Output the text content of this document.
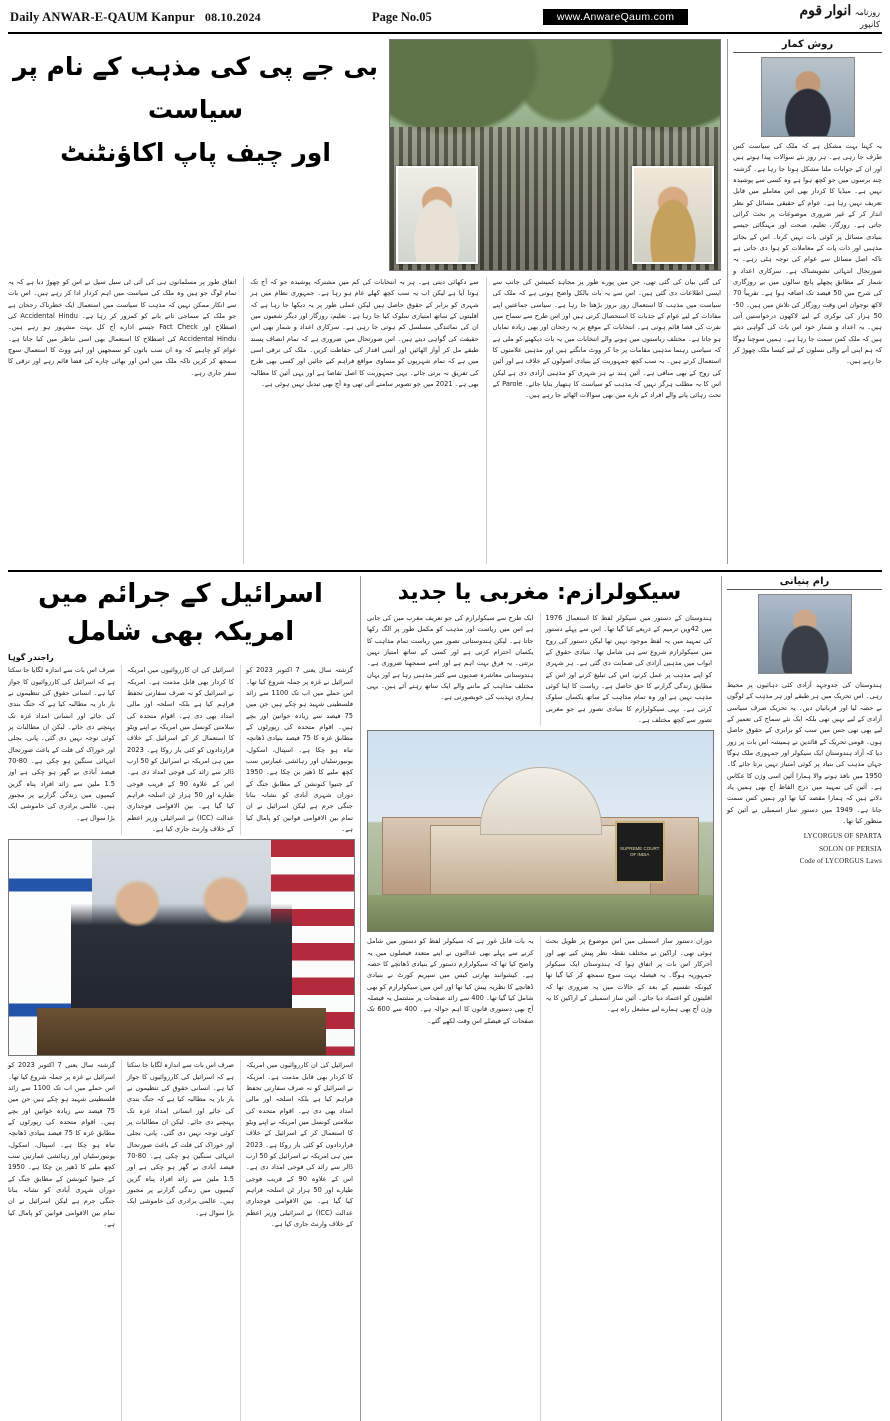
Daily ANWAR-E-QAUM Kanpur 08.10.2024	Page No.05	www.AnwareQaum.com	روزنامہ انوار قوم
کانپور
روش کمار
یہ کہنا بہت مشکل ہے کہ ملک کی سیاست کس طرف جا رہی ہے۔ ہر روز نئے سوالات پیدا ہوتے ہیں اور ان کے جوابات ملنا مشکل ہوتا جا رہا ہے۔ گزشتہ چند برسوں میں جو کچھ ہوا ہے وہ کسی سے پوشیدہ نہیں ہے۔ میڈیا کا کردار بھی اس معاملے میں قابل تعریف نہیں رہا ہے۔ عوام کے حقیقی مسائل کو نظر انداز کر کے غیر ضروری موضوعات پر بحث کرائی جاتی ہے۔ روزگار، تعلیم، صحت اور مہنگائی جیسے بنیادی مسائل پر کوئی بات نہیں کرتا۔ اس کے بجائے مذہبی اور ذات پات کے معاملات کو ہوا دی جاتی ہے تاکہ اصل مسائل سے عوام کی توجہ ہٹی رہے۔ یہ صورتحال انتہائی تشویشناک ہے۔ سرکاری اعداد و شمار کے مطابق پچھلے پانچ سالوں میں بے روزگاری کی شرح میں 50 فیصد تک اضافہ ہوا ہے۔ تقریباً 70 لاکھ نوجوان اس وقت روزگار کی تلاش میں ہیں۔ 50-50 ہزار کی نوکری کے لیے لاکھوں درخواستیں آتی ہیں۔ یہ اعداد و شمار خود اس بات کی گواہی دیتے ہیں کہ ملک کس سمت جا رہا ہے۔ ہمیں سوچنا ہوگا کہ ہم اپنی آنے والی نسلوں کے لیے کیسا ملک چھوڑ کر جا رہے ہیں۔
بی جے پی کی مذہب کے نام پر سیاست
اور چیف پاپ اکاؤنٹنٹ
کی گئی بیان کی گئی تھی، جن میں پورے طور پر مجاہد کمیشن کی جانب سے ایسی اطلاعات دی گئی ہیں۔ اس سے یہ بات بالکل واضح ہوتی ہے کہ ملک کی سیاست میں مذہب کا استعمال روز بروز بڑھتا جا رہا ہے۔ سیاسی جماعتیں اپنے مفادات کے لیے عوام کے جذبات کا استحصال کرتی ہیں اور اس طرح سے سماج میں نفرت کی فضا قائم ہوتی ہے۔ انتخابات کے موقع پر یہ رجحان اور بھی زیادہ نمایاں ہو جاتا ہے۔ مختلف ریاستوں میں ہونے والے انتخابات میں یہ بات دیکھنے کو ملی ہے کہ سیاسی رہنما مذہبی مقامات پر جا کر ووٹ مانگتے ہیں اور مذہبی علامتوں کا استعمال کرتے ہیں۔ یہ سب کچھ جمہوریت کے بنیادی اصولوں کے خلاف ہے اور آئین کی روح کے بھی منافی ہے۔ آئین ہند نے ہر شہری کو مذہبی آزادی دی ہے لیکن اس کا یہ مطلب ہرگز نہیں کہ مذہب کو سیاست کا ہتھیار بنایا جائے۔ Parole کے تحت رہائی پانے والے افراد کے بارے میں بھی سوالات اٹھائے جا رہے ہیں۔
سے دکھائی دیتی ہے۔ ہر یہ انتخابات کی کم میں مشترکہ پوشیدہ جو کہ آج تک ہوتا آیا ہے لیکن اب یہ سب کچھ کھلے عام ہو رہا ہے۔ جمہوری نظام میں ہر شہری کو برابر کے حقوق حاصل ہیں لیکن عملی طور پر یہ دیکھا جا رہا ہے کہ اقلیتوں کے ساتھ امتیازی سلوک کیا جا رہا ہے۔ تعلیم، روزگار اور دیگر شعبوں میں ان کی نمائندگی مسلسل کم ہوتی جا رہی ہے۔ سرکاری اعداد و شمار بھی اس حقیقت کی گواہی دیتے ہیں۔ اس صورتحال میں ضروری ہے کہ تمام انصاف پسند طبقے مل کر آواز اٹھائیں اور آئینی اقدار کی حفاظت کریں۔ ملک کی ترقی اسی میں ہے کہ تمام شہریوں کو مساوی مواقع فراہم کیے جائیں اور کسی بھی طرح کی تفریق نہ برتی جائے۔ یہی جمہوریت کا اصل تقاضا ہے اور یہی آئین کا مطالبہ بھی ہے۔ 2021 میں جو تصویر سامنے آئی تھی وہ آج بھی تبدیل نہیں ہوئی ہے۔
اتفاق طور پر مسلمانوں ہی کی آئی ٹی سیل سیل نے اس کو چھوڑ دیا ہے کہ یہ تمام لوگ جو ہیں وہ ملک کی سیاست میں اہم کردار ادا کر رہے ہیں۔ اس بات سے انکار ممکن نہیں کہ مذہب کا سیاست میں استعمال ایک خطرناک رجحان ہے جو ملک کے سماجی تانے بانے کو کمزور کر رہا ہے۔ Accidental Hindu کی اصطلاح اور Fact Check جیسے ادارے آج کل بہت مشہور ہو رہے ہیں۔ Accidental Hindu کی اصطلاح کا استعمال بھی اسی تناظر میں کیا جاتا ہے۔ عوام کو چاہیے کہ وہ ان سب باتوں کو سمجھیں اور اپنے ووٹ کا استعمال سوچ سمجھ کر کریں تاکہ ملک میں امن اور بھائی چارے کی فضا قائم رہے اور ترقی کا سفر جاری رہے۔
رام پنیانی
ہندوستان کی جدوجہد آزادی کئی دہائیوں پر محیط رہی۔ اس تحریک میں ہر طبقے اور ہر مذہب کے لوگوں نے حصہ لیا اور قربانیاں دیں۔ یہ تحریک صرف سیاسی آزادی کے لیے نہیں تھی بلکہ ایک نئے سماج کی تعمیر کے لیے بھی تھی جس میں سب کو برابری کے حقوق حاصل ہوں۔ قومی تحریک کے قائدین نے ہمیشہ اس بات پر زور دیا کہ آزاد ہندوستان ایک سیکولر اور جمہوری ملک ہوگا جہاں مذہب کی بنیاد پر کوئی امتیاز نہیں برتا جائے گا۔ 1950 میں نافذ ہونے والا ہمارا آئین اسی وژن کا عکاس ہے۔ آئین کی تمہید میں درج الفاظ آج بھی ہمیں یاد دلاتے ہیں کہ ہمارا مقصد کیا تھا اور ہمیں کس سمت جانا ہے۔ 1949 میں دستور ساز اسمبلی نے آئین کو منظور کیا تھا۔
LYCORGUS OF SPARTA
SOLON OF PERSIA
Code of LYCORGUS Laws
سیکولرازم: مغربی یا جدید
ہندوستان کے دستور میں سیکولر لفظ کا استعمال 1976 میں 42ویں ترمیم کے ذریعے کیا گیا تھا۔ اس سے پہلے دستور کی تمہید میں یہ لفظ موجود نہیں تھا لیکن دستور کی روح میں سیکولرازم شروع سے ہی شامل تھا۔ بنیادی حقوق کے ابواب میں مذہبی آزادی کی ضمانت دی گئی ہے۔ ہر شہری کو اپنے مذہب پر عمل کرنے، اس کی تبلیغ کرنے اور اس کے مطابق زندگی گزارنے کا حق حاصل ہے۔ ریاست کا اپنا کوئی مذہب نہیں ہے اور وہ تمام مذاہب کے ساتھ یکساں سلوک کرتی ہے۔ یہی سیکولرازم کا بنیادی تصور ہے جو مغربی تصور سے کچھ مختلف ہے۔
ایک طرح سے سیکولرازم کی جو تعریف مغرب میں کی جاتی ہے اس میں ریاست اور مذہب کو مکمل طور پر الگ رکھا جاتا ہے۔ لیکن ہندوستانی تصور میں ریاست تمام مذاہب کا یکساں احترام کرتی ہے اور کسی کے ساتھ امتیاز نہیں برتتی۔ یہ فرق بہت اہم ہے اور اسے سمجھنا ضروری ہے۔ ہندوستانی معاشرہ صدیوں سے کثیر مذہبی رہا ہے اور یہاں مختلف مذاہب کے ماننے والے ایک ساتھ رہتے آئے ہیں۔ یہی ہماری تہذیب کی خوبصورتی ہے۔
SUPREME COURT OF INDIA
دوران دستور ساز اسمبلی میں اس موضوع پر طویل بحث ہوئی تھی۔ اراکین نے مختلف نقطہ نظر پیش کیے تھے اور آخرکار اس بات پر اتفاق ہوا کہ ہندوستان ایک سیکولر جمہوریہ ہوگا۔ یہ فیصلہ بہت سوچ سمجھ کر کیا گیا تھا کیونکہ تقسیم کے بعد کے حالات میں یہ ضروری تھا کہ اقلیتوں کو اعتماد دیا جائے۔ آئین ساز اسمبلی کے اراکین کا یہ وژن آج بھی ہمارے لیے مشعل راہ ہے۔
یہ بات قابل غور ہے کہ سیکولر لفظ کو دستور میں شامل کرنے سے پہلے بھی عدالتوں نے اپنے متعدد فیصلوں میں یہ واضح کیا تھا کہ سیکولرازم دستور کے بنیادی ڈھانچے کا حصہ ہے۔ کیشوانند بھارتی کیس میں سپریم کورٹ نے بنیادی ڈھانچے کا نظریہ پیش کیا تھا اور اس میں سیکولرازم کو بھی شامل کیا گیا تھا۔ 400 سے زائد صفحات پر مشتمل یہ فیصلہ آج بھی دستوری قانون کا اہم حوالہ ہے۔ 400 سے 600 تک صفحات کے فیصلے اس وقت لکھے گئے۔
اسرائیل کے جرائم میں امریکہ بھی شامل
راجندر گوہا
گزشتہ سال یعنی 7 اکتوبر 2023 کو اسرائیل نے غزہ پر حملہ شروع کیا تھا۔ اس حملے میں اب تک 1100 سے زائد فلسطینی شہید ہو چکے ہیں جن میں 75 فیصد سے زیادہ خواتین اور بچے ہیں۔ اقوام متحدہ کی رپورٹوں کے مطابق غزہ کا 75 فیصد بنیادی ڈھانچہ تباہ ہو چکا ہے۔ اسپتال، اسکول، یونیورسٹیاں اور رہائشی عمارتیں سب کچھ ملبے کا ڈھیر بن چکا ہے۔ 1950 کے جنیوا کنونشن کے مطابق جنگ کے دوران شہری آبادی کو نشانہ بنانا جنگی جرم ہے لیکن اسرائیل نے ان تمام بین الاقوامی قوانین کو پامال کیا ہے۔
اسرائیل کی ان کارروائیوں میں امریکہ کا کردار بھی قابل مذمت ہے۔ امریکہ نے اسرائیل کو نہ صرف سفارتی تحفظ فراہم کیا ہے بلکہ اسلحہ اور مالی امداد بھی دی ہے۔ اقوام متحدہ کی سلامتی کونسل میں امریکہ نے اپنے ویٹو کا استعمال کر کے اسرائیل کے خلاف قراردادوں کو کئی بار روکا ہے۔ 2023 میں ہی امریکہ نے اسرائیل کو 50 ارب ڈالر سے زائد کی فوجی امداد دی ہے۔ اس کے علاوہ 90 کے قریب فوجی طیارے اور 50 ہزار ٹن اسلحہ فراہم کیا گیا ہے۔ بین الاقوامی فوجداری عدالت (ICC) نے اسرائیلی وزیر اعظم کے خلاف وارنٹ جاری کیا ہے۔
صرف اس بات سے اندازہ لگایا جا سکتا ہے کہ اسرائیل کی کارروائیوں کا جواز کیا ہے۔ انسانی حقوق کی تنظیموں نے بار بار یہ مطالبہ کیا ہے کہ جنگ بندی کی جائے اور انسانی امداد غزہ تک پہنچنے دی جائے۔ لیکن ان مطالبات پر کوئی توجہ نہیں دی گئی۔ پانی، بجلی اور خوراک کی قلت کے باعث صورتحال انتہائی سنگین ہو چکی ہے۔ 80-70 فیصد آبادی بے گھر ہو چکی ہے اور 1.5 ملین سے زائد افراد پناہ گزین کیمپوں میں زندگی گزارنے پر مجبور ہیں۔ عالمی برادری کی خاموشی ایک بڑا سوال ہے۔
اسرائیل کی ان کارروائیوں میں امریکہ کا کردار بھی قابل مذمت ہے۔ امریکہ نے اسرائیل کو نہ صرف سفارتی تحفظ فراہم کیا ہے بلکہ اسلحہ اور مالی امداد بھی دی ہے۔ اقوام متحدہ کی سلامتی کونسل میں امریکہ نے اپنے ویٹو کا استعمال کر کے اسرائیل کے خلاف قراردادوں کو کئی بار روکا ہے۔ 2023 میں ہی امریکہ نے اسرائیل کو 50 ارب ڈالر سے زائد کی فوجی امداد دی ہے۔ اس کے علاوہ 90 کے قریب فوجی طیارے اور 50 ہزار ٹن اسلحہ فراہم کیا گیا ہے۔ بین الاقوامی فوجداری عدالت (ICC) نے اسرائیلی وزیر اعظم کے خلاف وارنٹ جاری کیا ہے۔
صرف اس بات سے اندازہ لگایا جا سکتا ہے کہ اسرائیل کی کارروائیوں کا جواز کیا ہے۔ انسانی حقوق کی تنظیموں نے بار بار یہ مطالبہ کیا ہے کہ جنگ بندی کی جائے اور انسانی امداد غزہ تک پہنچنے دی جائے۔ لیکن ان مطالبات پر کوئی توجہ نہیں دی گئی۔ پانی، بجلی اور خوراک کی قلت کے باعث صورتحال انتہائی سنگین ہو چکی ہے۔ 80-70 فیصد آبادی بے گھر ہو چکی ہے اور 1.5 ملین سے زائد افراد پناہ گزین کیمپوں میں زندگی گزارنے پر مجبور ہیں۔ عالمی برادری کی خاموشی ایک بڑا سوال ہے۔
گزشتہ سال یعنی 7 اکتوبر 2023 کو اسرائیل نے غزہ پر حملہ شروع کیا تھا۔ اس حملے میں اب تک 1100 سے زائد فلسطینی شہید ہو چکے ہیں جن میں 75 فیصد سے زیادہ خواتین اور بچے ہیں۔ اقوام متحدہ کی رپورٹوں کے مطابق غزہ کا 75 فیصد بنیادی ڈھانچہ تباہ ہو چکا ہے۔ اسپتال، اسکول، یونیورسٹیاں اور رہائشی عمارتیں سب کچھ ملبے کا ڈھیر بن چکا ہے۔ 1950 کے جنیوا کنونشن کے مطابق جنگ کے دوران شہری آبادی کو نشانہ بنانا جنگی جرم ہے لیکن اسرائیل نے ان تمام بین الاقوامی قوانین کو پامال کیا ہے۔
